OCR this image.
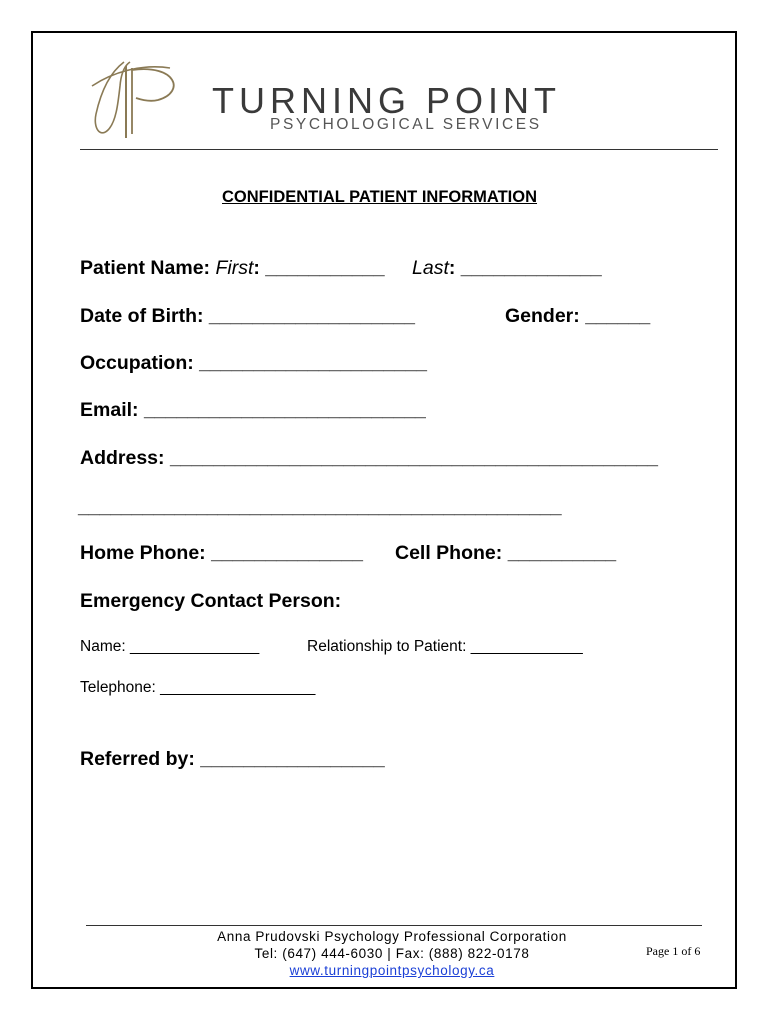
TURNING POINT
PSYCHOLOGICAL SERVICES
CONFIDENTIAL PATIENT INFORMATION
Patient Name: First: ___________ Last: _____________
Date of Birth: ___________________	Gender: ______
Occupation: _____________________
Email: __________________________
Address: _____________________________________________
_____________________________________________
Home Phone: ______________ Cell Phone: __________
Emergency Contact Person:
Name: _______________	Relationship to Patient: _____________
Telephone: __________________
Referred by: _________________
Anna Prudovski Psychology Professional Corporation
Tel: (647) 444-6030 | Fax: (888) 822-0178
www.turningpointpsychology.ca
Page 1 of 6
